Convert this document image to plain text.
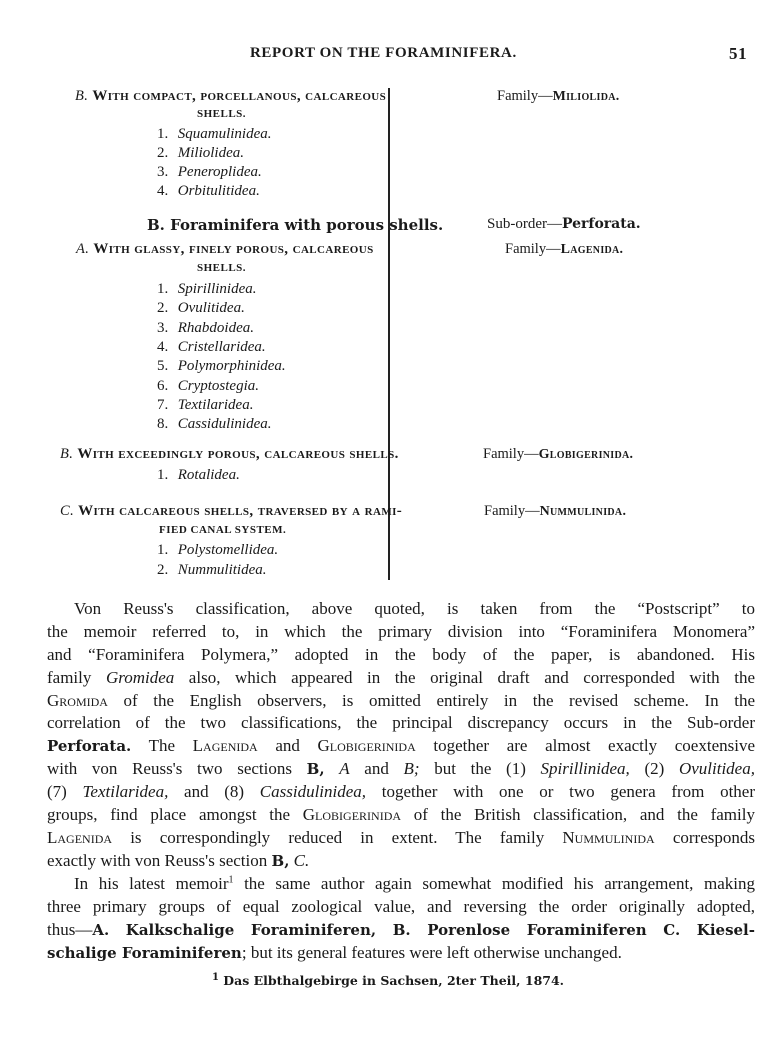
REPORT ON THE FORAMINIFERA.	51
B. With compact, porcellanous, calcareous
SHELLS.
1. Squamulinidea.
2. Miliolidea.
3. Peneroplidea.
4. Orbitulitidea.
B. Foraminifera with porous shells.
A. With glassy, finely porous, calcareous
SHELLS.
1. Spirillinidea.
2. Ovulitidea.
3. Rhabdoidea.
4. Cristellaridea.
5. Polymorphinidea.
6. Cryptostegia.
7. Textilaridea.
8. Cassidulinidea.
B. With exceedingly porous, calcareous shells.
1. Rotalidea.
C. With calcareous shells, traversed by a rami-
FIED CANAL SYSTEM.
1. Polystomellidea.
2. Nummulitidea.
Family—Miliolida.
Sub-order—Perforata.
Family—Lagenida.
Family—Globigerinida.
Family—Nummulinida.
Von Reuss's classification, above quoted, is taken from the “Postscript” to
the memoir referred to, in which the primary division into “Foraminifera Monomera”
and “Foraminifera Polymera,” adopted in the body of the paper, is abandoned. His
family Gromidea also, which appeared in the original draft and corresponded with the
Gromida of the English observers, is omitted entirely in the revised scheme. In the
correlation of the two classifications, the principal discrepancy occurs in the Sub-order
Perforata. The Lagenida and Globigerinida together are almost exactly coextensive
with von Reuss's two sections B, A and B; but the (1) Spirillinidea, (2) Ovulitidea,
(7) Textilaridea, and (8) Cassidulinidea, together with one or two genera from other
groups, find place amongst the Globigerinida of the British classification, and the family
Lagenida is correspondingly reduced in extent. The family Nummulinida corresponds
exactly with von Reuss's section B, C.
In his latest memoir$^1$ the same author again somewhat modified his arrangement, making
three primary groups of equal zoological value, and reversing the order originally adopted,
thus—A. Kalkschalige Foraminiferen, B. Porenlose Foraminiferen C. Kiesel-
schalige Foraminiferen; but its general features were left otherwise unchanged.
$^1$ Das Elbthalgebirge in Sachsen, 2ter Theil, 1874.
